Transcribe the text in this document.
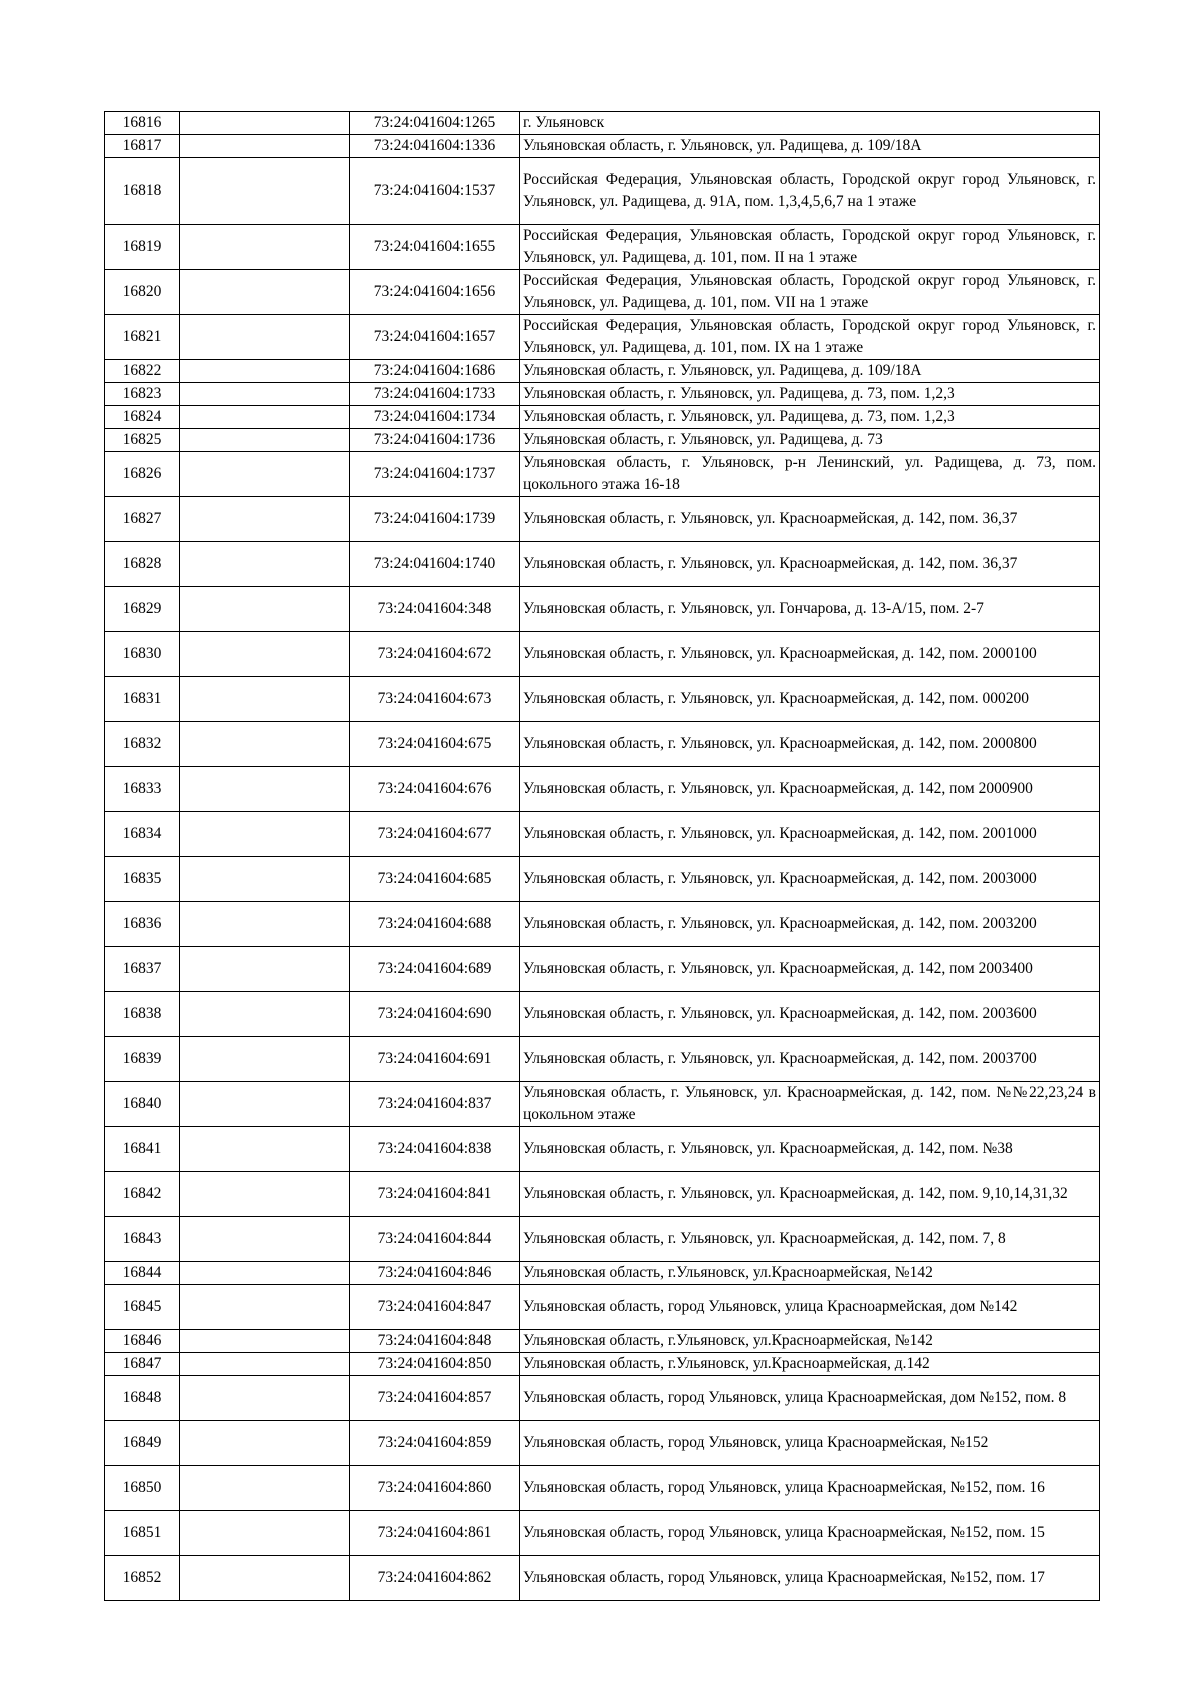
16816		73:24:041604:1265	г. Ульяновск
16817		73:24:041604:1336	Ульяновская область, г. Ульяновск, ул. Радищева, д. 109/18А
16818		73:24:041604:1537	Российская Федерация, Ульяновская область, Городской округ город Ульяновск, г. Ульяновск, ул. Радищева, д. 91А, пом. 1,3,4,5,6,7 на 1 этаже
16819		73:24:041604:1655	Российская Федерация, Ульяновская область, Городской округ город Ульяновск, г. Ульяновск, ул. Радищева, д. 101, пом. II на 1 этаже
16820		73:24:041604:1656	Российская Федерация, Ульяновская область, Городской округ город Ульяновск, г. Ульяновск, ул. Радищева, д. 101, пом. VII на 1 этаже
16821		73:24:041604:1657	Российская Федерация, Ульяновская область, Городской округ город Ульяновск, г. Ульяновск, ул. Радищева, д. 101, пом. IX на 1 этаже
16822		73:24:041604:1686	Ульяновская область, г. Ульяновск, ул. Радищева, д. 109/18А
16823		73:24:041604:1733	Ульяновская область, г. Ульяновск, ул. Радищева, д. 73, пом. 1,2,3
16824		73:24:041604:1734	Ульяновская область, г. Ульяновск, ул. Радищева, д. 73, пом. 1,2,3
16825		73:24:041604:1736	Ульяновская область, г. Ульяновск, ул. Радищева, д. 73
16826		73:24:041604:1737	Ульяновская область, г. Ульяновск, р-н Ленинский, ул. Радищева, д. 73, пом. цокольного этажа 16-18
16827		73:24:041604:1739	Ульяновская область, г. Ульяновск, ул. Красноармейская, д. 142, пом. 36,37
16828		73:24:041604:1740	Ульяновская область, г. Ульяновск, ул. Красноармейская, д. 142, пом. 36,37
16829		73:24:041604:348	Ульяновская область, г. Ульяновск, ул. Гончарова, д. 13-А/15, пом. 2-7
16830		73:24:041604:672	Ульяновская область, г. Ульяновск, ул. Красноармейская, д. 142, пом. 2000100
16831		73:24:041604:673	Ульяновская область, г. Ульяновск, ул. Красноармейская, д. 142, пом. 000200
16832		73:24:041604:675	Ульяновская область, г. Ульяновск, ул. Красноармейская, д. 142, пом. 2000800
16833		73:24:041604:676	Ульяновская область, г. Ульяновск, ул. Красноармейская, д. 142, пом 2000900
16834		73:24:041604:677	Ульяновская область, г. Ульяновск, ул. Красноармейская, д. 142, пом. 2001000
16835		73:24:041604:685	Ульяновская область, г. Ульяновск, ул. Красноармейская, д. 142, пом. 2003000
16836		73:24:041604:688	Ульяновская область, г. Ульяновск, ул. Красноармейская, д. 142, пом. 2003200
16837		73:24:041604:689	Ульяновская область, г. Ульяновск, ул. Красноармейская, д. 142, пом 2003400
16838		73:24:041604:690	Ульяновская область, г. Ульяновск, ул. Красноармейская, д. 142, пом. 2003600
16839		73:24:041604:691	Ульяновская область, г. Ульяновск, ул. Красноармейская, д. 142, пом. 2003700
16840		73:24:041604:837	Ульяновская область, г. Ульяновск, ул. Красноармейская, д. 142, пом. №№22,23,24 в цокольном этаже
16841		73:24:041604:838	Ульяновская область, г. Ульяновск, ул. Красноармейская, д. 142, пом. №38
16842		73:24:041604:841	Ульяновская область, г. Ульяновск, ул. Красноармейская, д. 142, пом. 9,10,14,31,32
16843		73:24:041604:844	Ульяновская область, г. Ульяновск, ул. Красноармейская, д. 142, пом. 7, 8
16844		73:24:041604:846	Ульяновская область, г.Ульяновск, ул.Красноармейская, №142
16845		73:24:041604:847	Ульяновская область, город Ульяновск, улица Красноармейская, дом №142
16846		73:24:041604:848	Ульяновская область, г.Ульяновск, ул.Красноармейская, №142
16847		73:24:041604:850	Ульяновская область, г.Ульяновск, ул.Красноармейская, д.142
16848		73:24:041604:857	Ульяновская область, город Ульяновск, улица Красноармейская, дом №152, пом. 8
16849		73:24:041604:859	Ульяновская область, город Ульяновск, улица Красноармейская, №152
16850		73:24:041604:860	Ульяновская область, город Ульяновск, улица Красноармейская, №152, пом. 16
16851		73:24:041604:861	Ульяновская область, город Ульяновск, улица Красноармейская, №152, пом. 15
16852		73:24:041604:862	Ульяновская область, город Ульяновск, улица Красноармейская, №152, пом. 17
